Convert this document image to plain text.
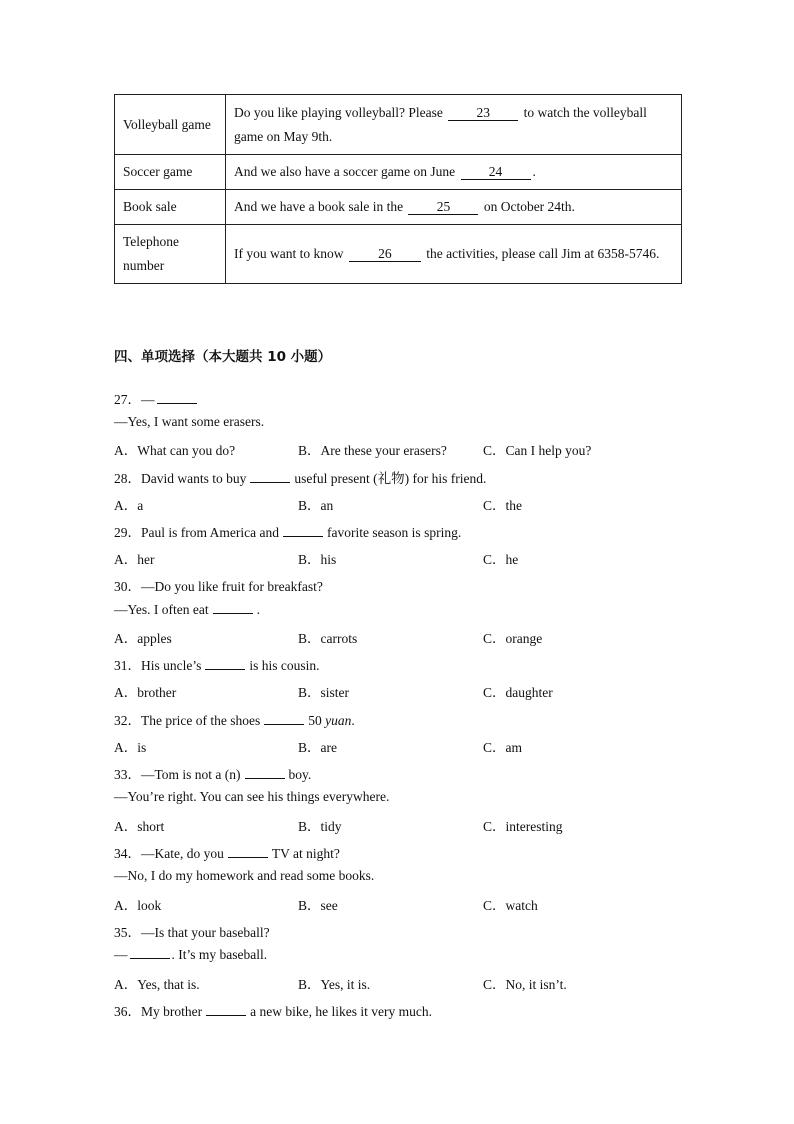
Volleyball game	Do you like playing volleyball? Please 23 to watch the volleyball game on May 9th.
Soccer game	And we also have a soccer game on June 24 .
Book sale	And we have a book sale in the 25 on October 24th.
Telephone number	If you want to know 26 the activities, please call Jim at 6358-5746.
四、单项选择（本大题共 10 小题）
27．—
—Yes, I want some erasers.
A．What can you do?	B．Are these your erasers?	C．Can I help you?
28．David wants to buy	useful present (礼物) for his friend.
A．a	B．an	C．the
29．Paul is from America and	favorite season is spring.
A．her	B．his	C．he
30．—Do you like fruit for breakfast?
—Yes. I often eat	.
A．apples	B．carrots	C．orange
31．His uncle’s	is his cousin.
A．brother	B．sister	C．daughter
32．The price of the shoes	50 yuan.
A．is	B．are	C．am
33．—Tom is not a (n)	boy.
—You’re right. You can see his things everywhere.
A．short	B．tidy	C．interesting
34．—Kate, do you	TV at night?
—No, I do my homework and read some books.
A．look	B．see	C．watch
35．—Is that your baseball?
—	. It’s my baseball.
A．Yes, that is.	B．Yes, it is.	C．No, it isn’t.
36．My brother	a new bike, he likes it very much.
